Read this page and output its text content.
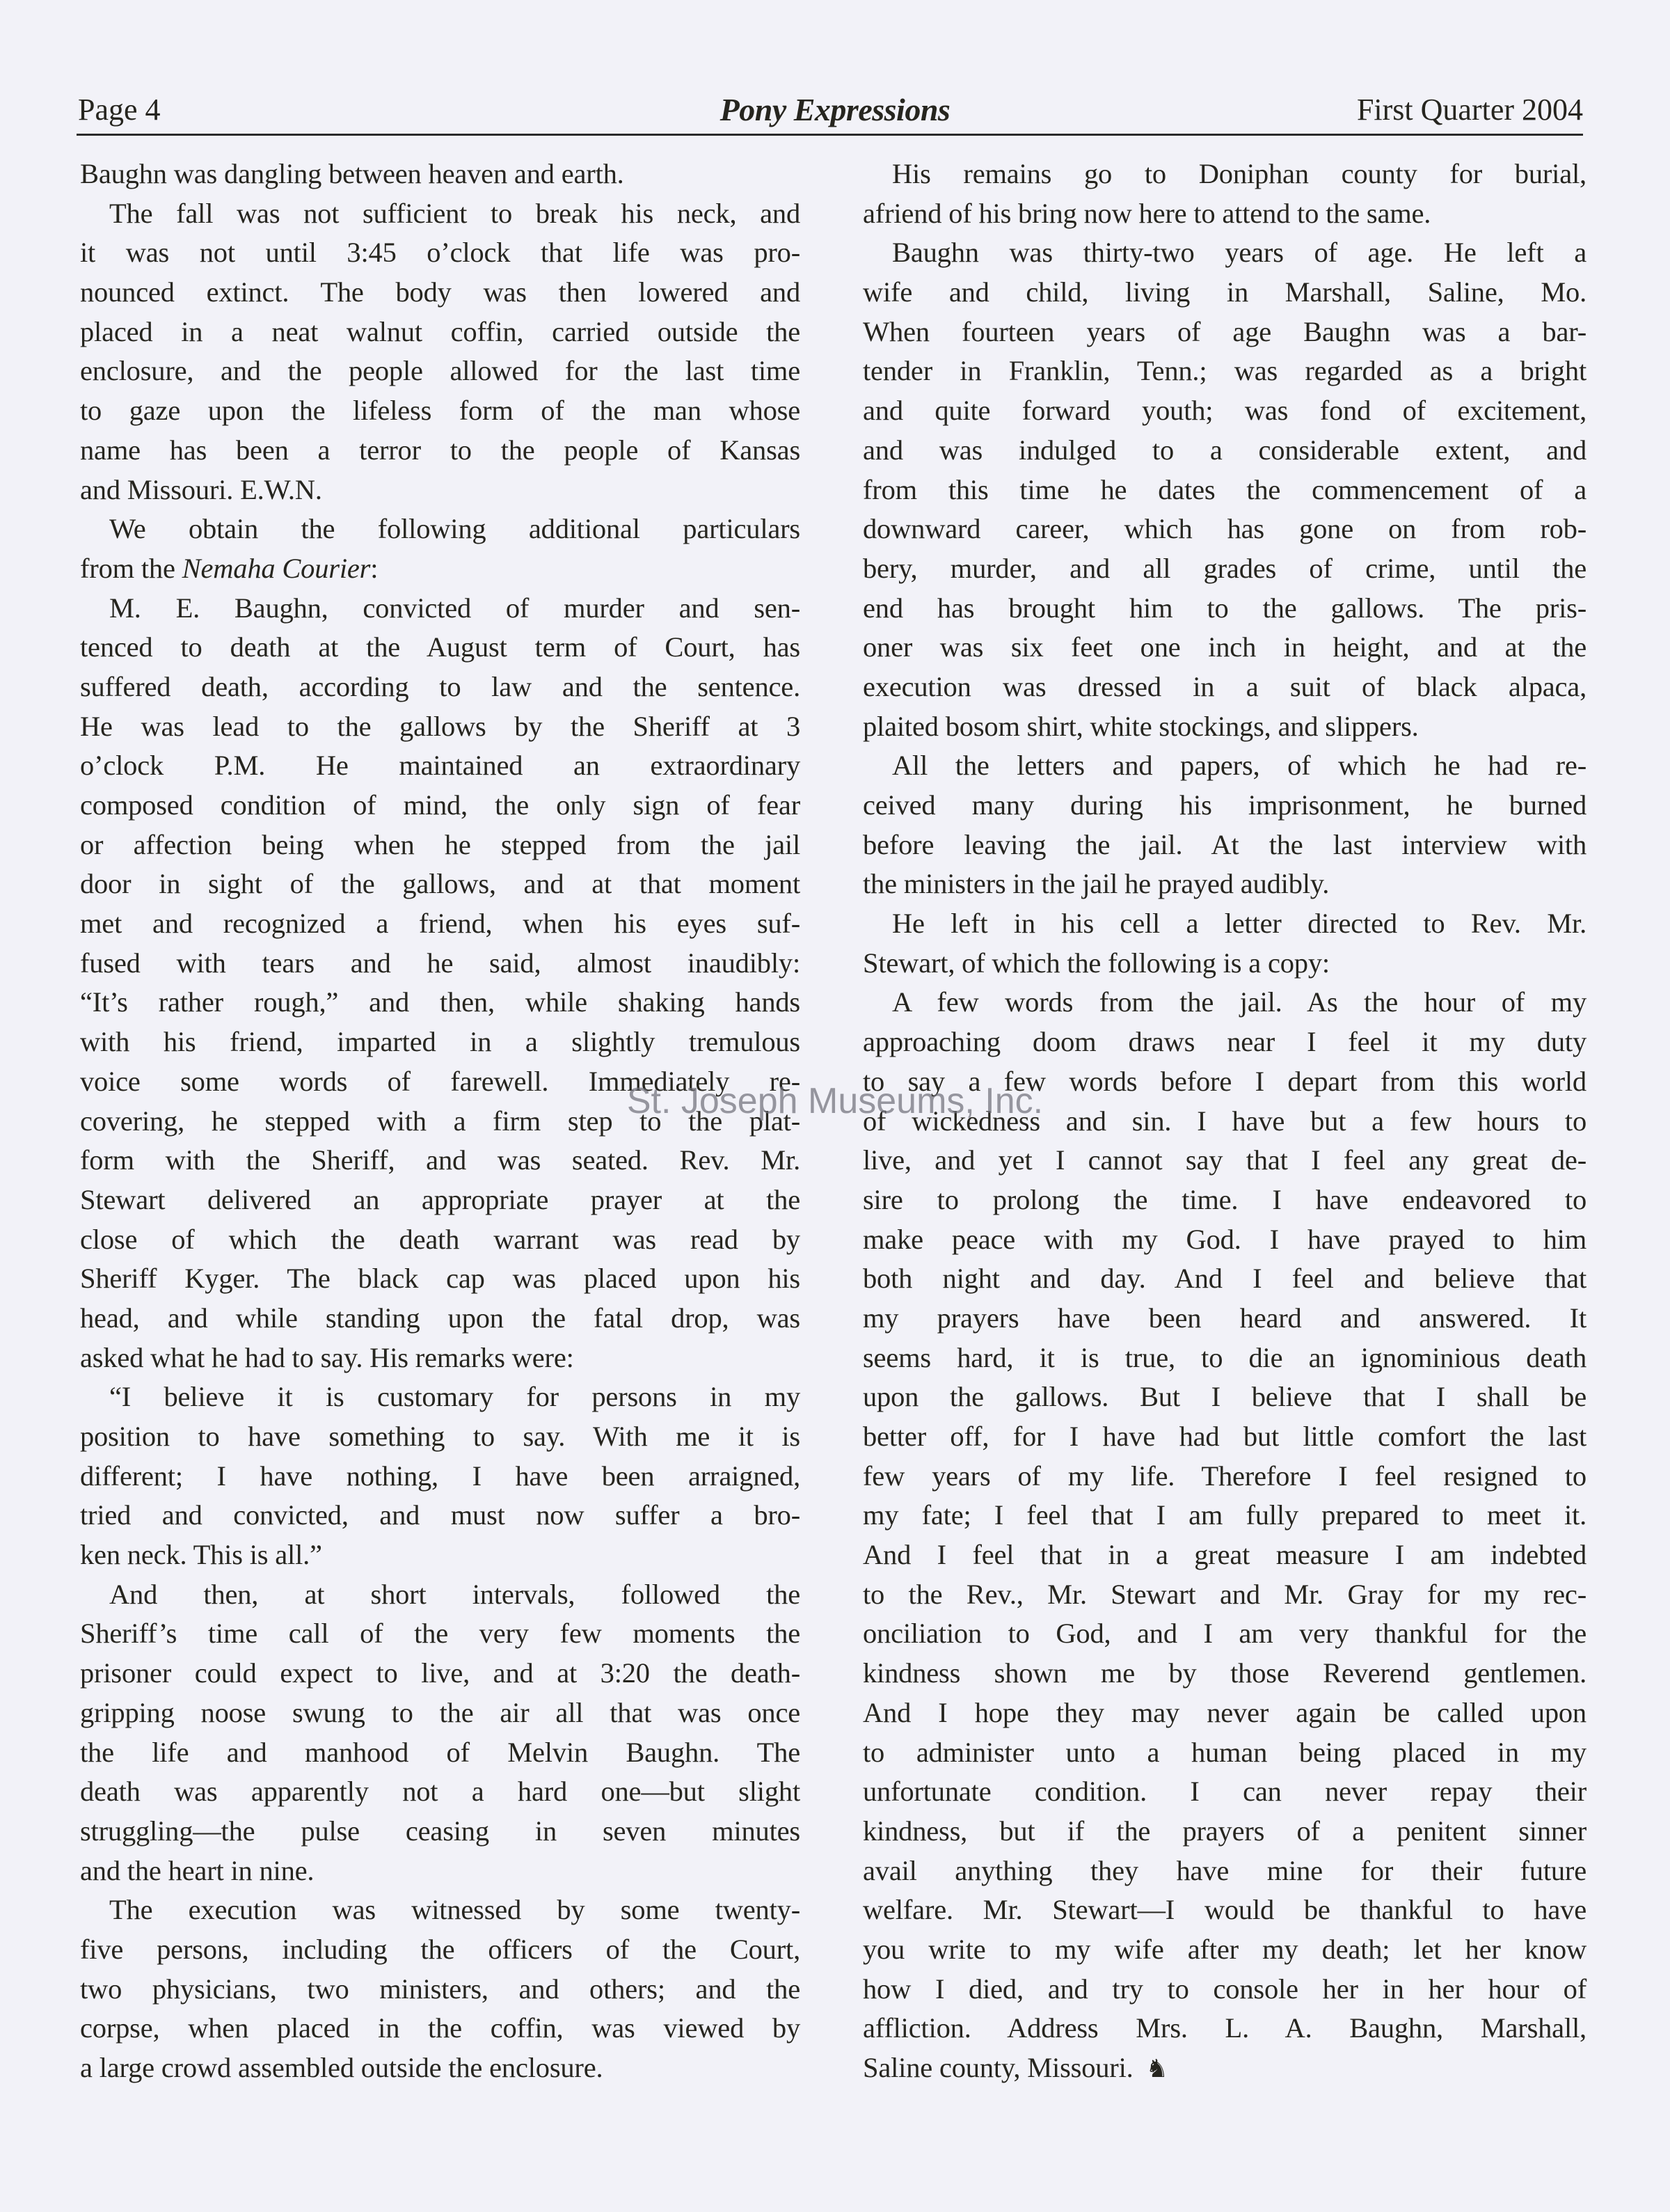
Page 4	Pony Expressions	First Quarter 2004
Baughn was dangling between heaven and earth.
The fall was not sufficient to break his neck, and
it was not until 3:45 o’clock that life was pro-
nounced extinct. The body was then lowered and
placed in a neat walnut coffin, carried outside the
enclosure, and the people allowed for the last time
to gaze upon the lifeless form of the man whose
name has been a terror to the people of Kansas
and Missouri. E.W.N.
We obtain the following additional particulars
from the Nemaha Courier:
M. E. Baughn, convicted of murder and sen-
tenced to death at the August term of Court, has
suffered death, according to law and the sentence.
He was lead to the gallows by the Sheriff at 3
o’clock P.M. He maintained an extraordinary
composed condition of mind, the only sign of fear
or affection being when he stepped from the jail
door in sight of the gallows, and at that moment
met and recognized a friend, when his eyes suf-
fused with tears and he said, almost inaudibly:
“It’s rather rough,” and then, while shaking hands
with his friend, imparted in a slightly tremulous
voice some words of farewell. Immediately re-
covering, he stepped with a firm step to the plat-
form with the Sheriff, and was seated. Rev. Mr.
Stewart delivered an appropriate prayer at the
close of which the death warrant was read by
Sheriff Kyger. The black cap was placed upon his
head, and while standing upon the fatal drop, was
asked what he had to say. His remarks were:
“I believe it is customary for persons in my
position to have something to say. With me it is
different; I have nothing, I have been arraigned,
tried and convicted, and must now suffer a bro-
ken neck. This is all.”
And then, at short intervals, followed the
Sheriff’s time call of the very few moments the
prisoner could expect to live, and at 3:20 the death-
gripping noose swung to the air all that was once
the life and manhood of Melvin Baughn. The
death was apparently not a hard one—but slight
struggling—the pulse ceasing in seven minutes
and the heart in nine.
The execution was witnessed by some twenty-
five persons, including the officers of the Court,
two physicians, two ministers, and others; and the
corpse, when placed in the coffin, was viewed by
a large crowd assembled outside the enclosure.
His remains go to Doniphan county for burial,
afriend of his bring now here to attend to the same.
Baughn was thirty-two years of age. He left a
wife and child, living in Marshall, Saline, Mo.
When fourteen years of age Baughn was a bar-
tender in Franklin, Tenn.; was regarded as a bright
and quite forward youth; was fond of excitement,
and was indulged to a considerable extent, and
from this time he dates the commencement of a
downward career, which has gone on from rob-
bery, murder, and all grades of crime, until the
end has brought him to the gallows. The pris-
oner was six feet one inch in height, and at the
execution was dressed in a suit of black alpaca,
plaited bosom shirt, white stockings, and slippers.
All the letters and papers, of which he had re-
ceived many during his imprisonment, he burned
before leaving the jail. At the last interview with
the ministers in the jail he prayed audibly.
He left in his cell a letter directed to Rev. Mr.
Stewart, of which the following is a copy:
A few words from the jail. As the hour of my
approaching doom draws near I feel it my duty
to say a few words before I depart from this world
of wickedness and sin. I have but a few hours to
live, and yet I cannot say that I feel any great de-
sire to prolong the time. I have endeavored to
make peace with my God. I have prayed to him
both night and day. And I feel and believe that
my prayers have been heard and answered. It
seems hard, it is true, to die an ignominious death
upon the gallows. But I believe that I shall be
better off, for I have had but little comfort the last
few years of my life. Therefore I feel resigned to
my fate; I feel that I am fully prepared to meet it.
And I feel that in a great measure I am indebted
to the Rev., Mr. Stewart and Mr. Gray for my rec-
onciliation to God, and I am very thankful for the
kindness shown me by those Reverend gentlemen.
And I hope they may never again be called upon
to administer unto a human being placed in my
unfortunate condition. I can never repay their
kindness, but if the prayers of a penitent sinner
avail anything they have mine for their future
welfare. Mr. Stewart—I would be thankful to have
you write to my wife after my death; let her know
how I died, and try to console her in her hour of
affliction. Address Mrs. L. A. Baughn, Marshall,
Saline county, Missouri. ♞
St. Joseph Museums, Inc.
